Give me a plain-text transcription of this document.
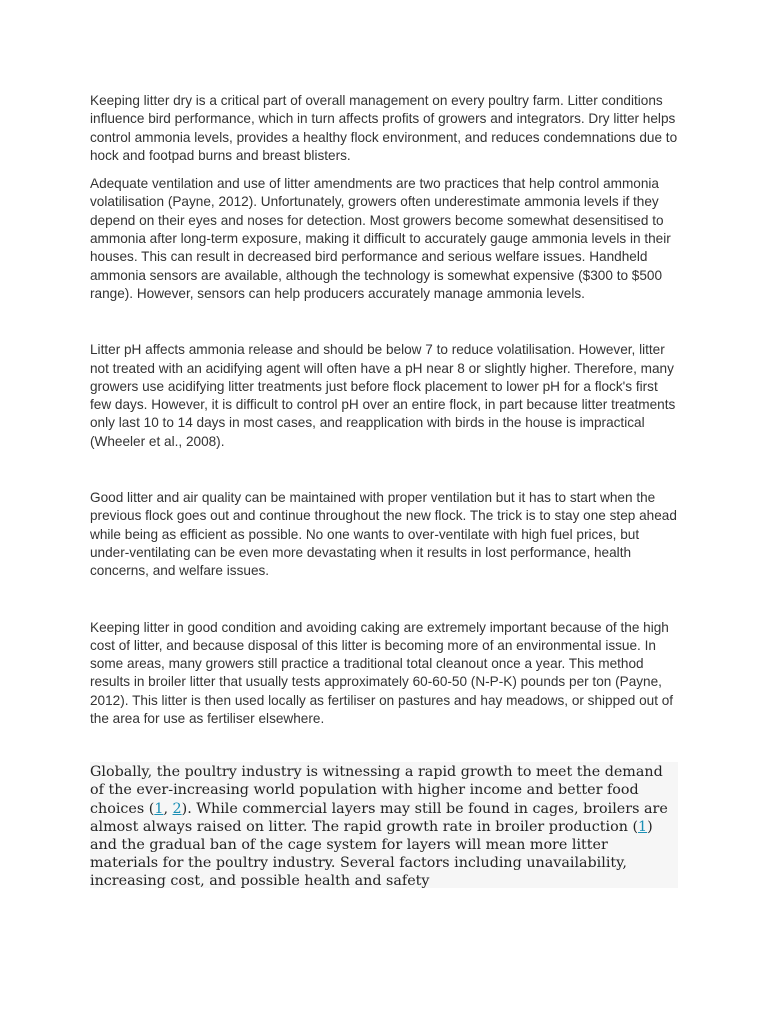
Keeping litter dry is a critical part of overall management on every poultry farm. Litter conditions influence bird performance, which in turn affects profits of growers and integrators. Dry litter helps control ammonia levels, provides a healthy flock environment, and reduces condemnations due to hock and footpad burns and breast blisters.

Adequate ventilation and use of litter amendments are two practices that help control ammonia volatilisation (Payne, 2012). Unfortunately, growers often underestimate ammonia levels if they depend on their eyes and noses for detection. Most growers become somewhat desensitised to ammonia after long-term exposure, making it difficult to accurately gauge ammonia levels in their houses. This can result in decreased bird performance and serious welfare issues. Handheld ammonia sensors are available, although the technology is somewhat expensive ($300 to $500 range). However, sensors can help producers accurately manage ammonia levels.

Litter pH affects ammonia release and should be below 7 to reduce volatilisation. However, litter not treated with an acidifying agent will often have a pH near 8 or slightly higher. Therefore, many growers use acidifying litter treatments just before flock placement to lower pH for a flock's first few days. However, it is difficult to control pH over an entire flock, in part because litter treatments only last 10 to 14 days in most cases, and reapplication with birds in the house is impractical (Wheeler et al., 2008).

Good litter and air quality can be maintained with proper ventilation but it has to start when the previous flock goes out and continue throughout the new flock. The trick is to stay one step ahead while being as efficient as possible. No one wants to over-ventilate with high fuel prices, but under-ventilating can be even more devastating when it results in lost performance, health concerns, and welfare issues.

Keeping litter in good condition and avoiding caking are extremely important because of the high cost of litter, and because disposal of this litter is becoming more of an environmental issue. In some areas, many growers still practice a traditional total cleanout once a year. This method results in broiler litter that usually tests approximately 60-60-50 (N-P-K) pounds per ton (Payne, 2012). This litter is then used locally as fertiliser on pastures and hay meadows, or shipped out of the area for use as fertiliser elsewhere.

Globally, the poultry industry is witnessing a rapid growth to meet the demand of the ever-increasing world population with higher income and better food choices (1, 2). While commercial layers may still be found in cages, broilers are almost always raised on litter. The rapid growth rate in broiler production (1) and the gradual ban of the cage system for layers will mean more litter materials for the poultry industry. Several factors including unavailability, increasing cost, and possible health and safety
